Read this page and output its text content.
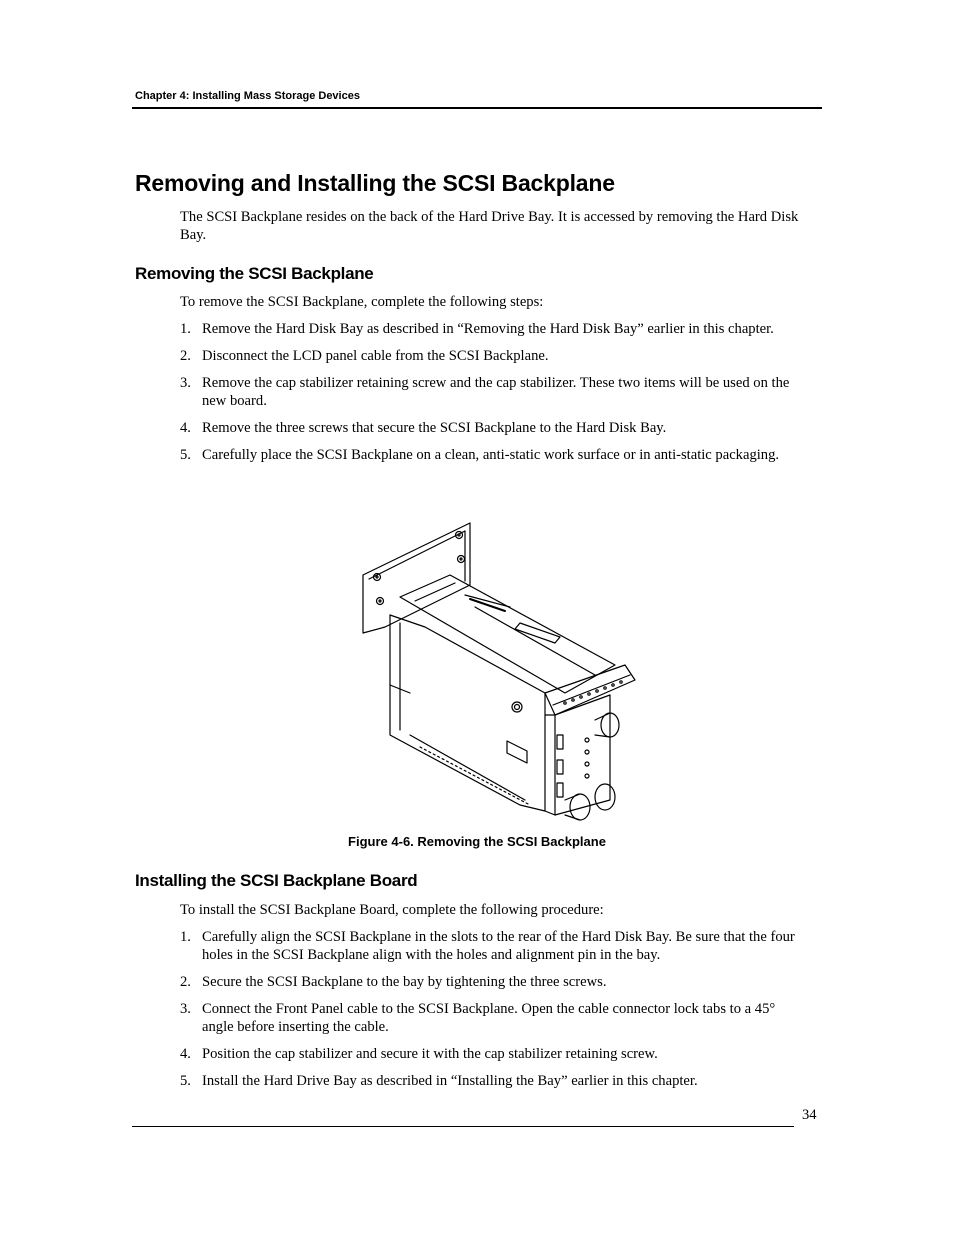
Chapter 4: Installing Mass Storage Devices
Removing and Installing the SCSI Backplane

The SCSI Backplane resides on the back of the Hard Drive Bay. It is accessed by removing the Hard Disk Bay.

Removing the SCSI Backplane

To remove the SCSI Backplane, complete the following steps:

1. Remove the Hard Disk Bay as described in “Removing the Hard Disk Bay” earlier in this chapter.
2. Disconnect the LCD panel cable from the SCSI Backplane.
3. Remove the cap stabilizer retaining screw and the cap stabilizer. These two items will be used on the new board.
4. Remove the three screws that secure the SCSI Backplane to the Hard Disk Bay.
5. Carefully place the SCSI Backplane on a clean, anti-static work surface or in anti-static packaging.
Figure 4-6. Removing the SCSI Backplane
Installing the SCSI Backplane Board

To install the SCSI Backplane Board, complete the following procedure:

1. Carefully align the SCSI Backplane in the slots to the rear of the Hard Disk Bay. Be sure that the four holes in the SCSI Backplane align with the holes and alignment pin in the bay.
2. Secure the SCSI Backplane to the bay by tightening the three screws.
3. Connect the Front Panel cable to the SCSI Backplane. Open the cable connector lock tabs to a 45° angle before inserting the cable.
4. Position the cap stabilizer and secure it with the cap stabilizer retaining screw.
5. Install the Hard Drive Bay as described in “Installing the Bay” earlier in this chapter.
34
